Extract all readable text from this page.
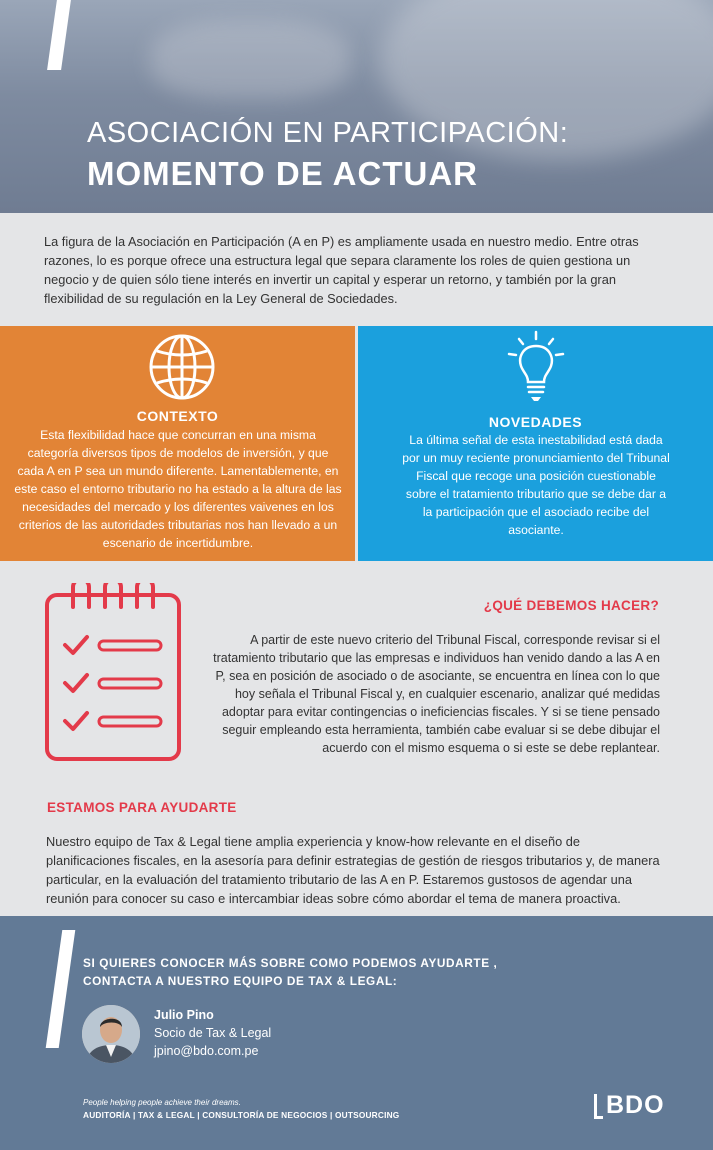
ASOCIACIÓN EN PARTICIPACIÓN:
MOMENTO DE ACTUAR

La figura de la Asociación en Participación (A en P) es ampliamente usada en nuestro medio. Entre otras razones, lo es porque ofrece una estructura legal que separa claramente los roles de quien gestiona un negocio y de quien sólo tiene interés en invertir un capital y esperar un retorno, y también por la gran flexibilidad de su regulación en la Ley General de Sociedades.

CONTEXTO

Esta flexibilidad hace que concurran en una misma categoría diversos tipos de modelos de inversión, y que cada A en P sea un mundo diferente. Lamentablemente, en este caso el entorno tributario no ha estado a la altura de las necesidades del mercado y los diferentes vaivenes en los criterios de las autoridades tributarias nos han llevado a un escenario de incertidumbre.

NOVEDADES

La última señal de esta inestabilidad está dada por un muy reciente pronunciamiento del Tribunal Fiscal que recoge una posición cuestionable sobre el tratamiento tributario que se debe dar a la participación que el asociado recibe del asociante.

¿QUÉ DEBEMOS HACER?

A partir de este nuevo criterio del Tribunal Fiscal, corresponde revisar si el tratamiento tributario que las empresas e individuos han venido dando a las A en P, sea en posición de asociado o de asociante, se encuentra en línea con lo que hoy señala el Tribunal Fiscal y, en cualquier escenario, analizar qué medidas adoptar para evitar contingencias o ineficiencias fiscales. Y si se tiene pensado seguir empleando esta herramienta, también cabe evaluar si se debe dibujar el acuerdo con el mismo esquema o si este se debe replantear.

ESTAMOS PARA AYUDARTE

Nuestro equipo de Tax & Legal tiene amplia experiencia y know-how relevante en el diseño de planificaciones fiscales, en la asesoría para definir estrategias de gestión de riesgos tributarios y, de manera particular, en la evaluación del tratamiento tributario de las A en P. Estaremos gustosos de agendar una reunión para conocer su caso e intercambiar ideas sobre cómo abordar el tema de manera proactiva.

SI QUIERES CONOCER MÁS SOBRE COMO PODEMOS AYUDARTE ,
CONTACTA A NUESTRO EQUIPO DE TAX & LEGAL:
Julio Pino
Socio de Tax & Legal
jpino@bdo.com.pe
People helping people achieve their dreams.
AUDITORÍA | TAX & LEGAL | CONSULTORÍA DE NEGOCIOS | OUTSOURCING	BDO
